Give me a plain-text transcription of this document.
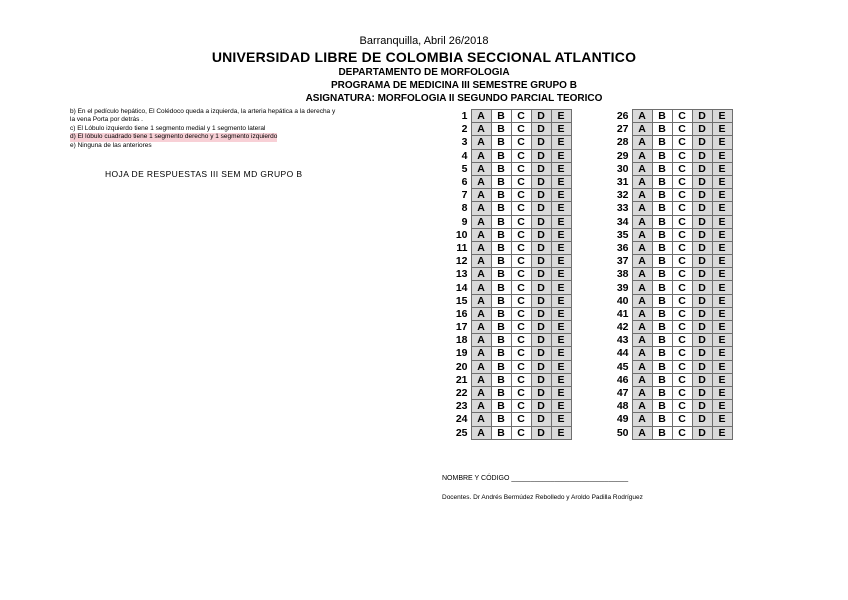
Barranquilla, Abril 26/2018
UNIVERSIDAD LIBRE DE COLOMBIA SECCIONAL ATLANTICO
DEPARTAMENTO DE MORFOLOGIA
PROGRAMA DE MEDICINA III SEMESTRE GRUPO B
ASIGNATURA: MORFOLOGIA II SEGUNDO PARCIAL TEORICO
b) En el pedículo hepático, El Colédoco queda a izquierda, la arteria hepática a la derecha y
la vena Porta por detrás .
c) El Lóbulo izquierdo tiene 1 segmento medial y 1 segmento lateral
d) El lóbulo cuadrado tiene 1 segmento derecho y 1 segmento izquierdo
e) Ninguna de las anteriores
HOJA DE RESPUESTAS III SEM MD GRUPO B
1	A	B	C	D	E
2	A	B	C	D	E
3	A	B	C	D	E
4	A	B	C	D	E
5	A	B	C	D	E
6	A	B	C	D	E
7	A	B	C	D	E
8	A	B	C	D	E
9	A	B	C	D	E
10	A	B	C	D	E
11	A	B	C	D	E
12	A	B	C	D	E
13	A	B	C	D	E
14	A	B	C	D	E
15	A	B	C	D	E
16	A	B	C	D	E
17	A	B	C	D	E
18	A	B	C	D	E
19	A	B	C	D	E
20	A	B	C	D	E
21	A	B	C	D	E
22	A	B	C	D	E
23	A	B	C	D	E
24	A	B	C	D	E
25	A	B	C	D	E
26	A	B	C	D	E
27	A	B	C	D	E
28	A	B	C	D	E
29	A	B	C	D	E
30	A	B	C	D	E
31	A	B	C	D	E
32	A	B	C	D	E
33	A	B	C	D	E
34	A	B	C	D	E
35	A	B	C	D	E
36	A	B	C	D	E
37	A	B	C	D	E
38	A	B	C	D	E
39	A	B	C	D	E
40	A	B	C	D	E
41	A	B	C	D	E
42	A	B	C	D	E
43	A	B	C	D	E
44	A	B	C	D	E
45	A	B	C	D	E
46	A	B	C	D	E
47	A	B	C	D	E
48	A	B	C	D	E
49	A	B	C	D	E
50	A	B	C	D	E
NOMBRE Y CÓDIGO ______________________________
Docentes. Dr Andrés Bermúdez Rebolledo y Aroldo Padilla Rodríguez
